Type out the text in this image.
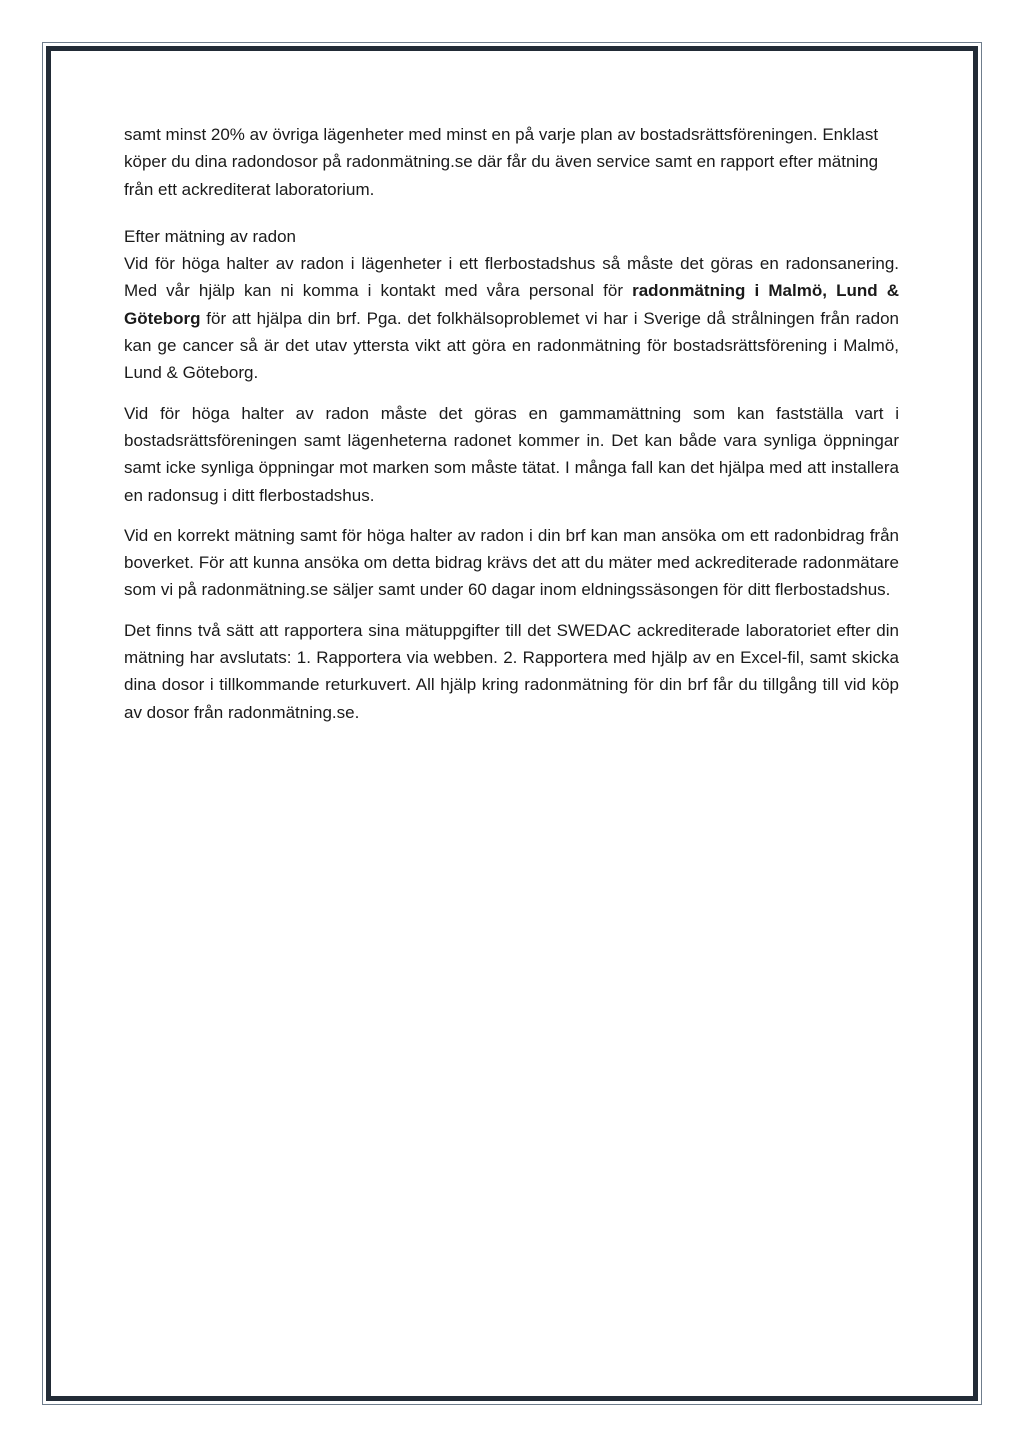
samt minst 20% av övriga lägenheter med minst en på varje plan av bostadsrättsföreningen. Enklast köper du dina radondosor på radonmätning.se där får du även service samt en rapport efter mätning från ett ackrediterat laboratorium.

Efter mätning av radon
Vid för höga halter av radon i lägenheter i ett flerbostadshus så måste det göras en radonsanering. Med vår hjälp kan ni komma i kontakt med våra personal för radonmätning i Malmö, Lund & Göteborg för att hjälpa din brf. Pga. det folkhälsoproblemet vi har i Sverige då strålningen från radon kan ge cancer så är det utav yttersta vikt att göra en radonmätning för bostadsrättsförening i Malmö, Lund & Göteborg.

Vid för höga halter av radon måste det göras en gammamättning som kan fastställa vart i bostadsrättsföreningen samt lägenheterna radonet kommer in. Det kan både vara synliga öppningar samt icke synliga öppningar mot marken som måste tätat. I många fall kan det hjälpa med att installera en radonsug i ditt flerbostadshus.

Vid en korrekt mätning samt för höga halter av radon i din brf kan man ansöka om ett radonbidrag från boverket. För att kunna ansöka om detta bidrag krävs det att du mäter med ackrediterade radonmätare som vi på radonmätning.se säljer samt under 60 dagar inom eldningssäsongen för ditt flerbostadshus.

Det finns två sätt att rapportera sina mätuppgifter till det SWEDAC ackrediterade laboratoriet efter din mätning har avslutats: 1. Rapportera via webben. 2. Rapportera med hjälp av en Excel-fil, samt skicka dina dosor i tillkommande returkuvert. All hjälp kring radonmätning för din brf får du tillgång till vid köp av dosor från radonmätning.se.
